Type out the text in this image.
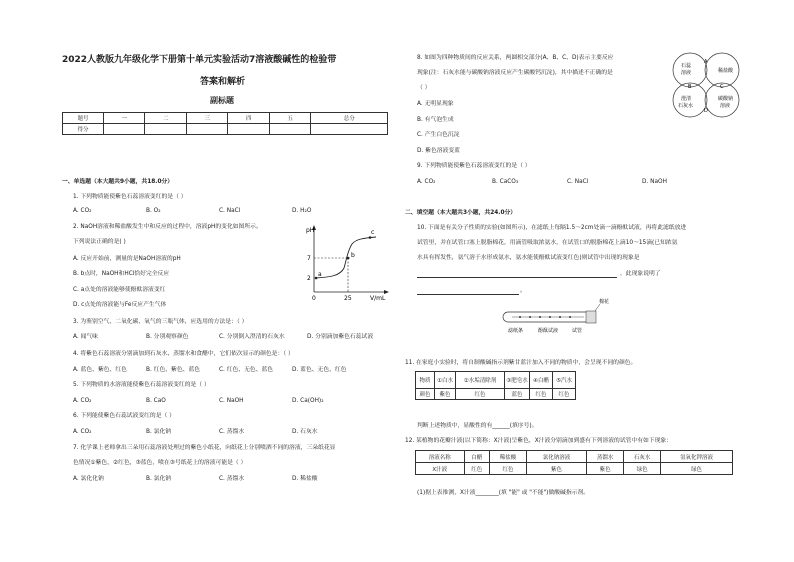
2022人教版九年级化学下册第十单元实验活动7溶液酸碱性的检验带
答案和解析
副标题
题号	一	二	三	四	五	总分
得分						
一、单选题（本大题共9小题，共18.0分）
1. 下列物质能使紫色石蕊溶液变红的是（ ）
A. CO₂	B. O₂	C. NaCl	D. H₂O
2. NaOH溶液和稀盐酸发生中和反应的过程中，溶液pH的变化如图所示。
下列说法正确的是( )
A. 反应开始前，测量的是NaOH溶液的pH
B. b点时，NaOH和HCl恰好完全反应
C. a点处的溶液能够使酚酞溶液变红
D. c点处的溶液能与Fe反应产生气体
pH
7
2
0	25	V/mL
a
b
c
3. 为鉴别空气、二氧化碳、氧气的三瓶气体，应选用的方法是：（ ）
A. 闻气味	B. 分别观察颜色	C. 分别倒入澄清的石灰水	D. 分别滴加紫色石蕊试液
4. 将紫色石蕊溶液分别滴加到石灰水、蒸馏水和食醋中，它们依次显示的颜色是：（ ）
A. 蓝色、紫色、红色	B. 红色、紫色、蓝色	C. 红色、无色、蓝色	D. 蓝色、无色、红色
5. 下列物质的水溶液能使紫色石蕊溶液变红的是（ ）
A. CO₂	B. CaO	C. NaOH	D. Ca(OH)₂
6. 下列能使紫色石蕊试液变红的是（ ）
A. CO₂	B. 氯化钠	C. 蒸馏水	D. 石灰水
7. 化学课上老师拿出三朵用石蕊溶液处理过的紫色小纸花，向纸花上分别喷洒不同的溶液，三朵纸花显
色情况①紫色，②红色，③蓝色，喷在③号纸花上的溶液可能是（ ）
A. 氯化化钠	B. 氯化钠	C. 蒸馏水	D. 稀盐酸
8. 如图为四种物质间的反应关系，两圆相交部分(A、B、C、D)表示主要反应
现象(注：石灰水能与碳酸钠溶液反应产生碳酸钙沉淀)，其中描述不正确的是
（ ）
A. 无明显现象
B. 有气泡生成
C. 产生白色沉淀
D. 紫色溶液变蓝
石蕊
溶液	稀盐酸
澄清
石灰水
碳酸钠
溶液
A
B	C
D
9. 下列物质能使紫色石蕊溶液变红的是（ ）
A. CO₂	B. CaCO₃	C. NaCl	D. NaOH
二、填空题（本大题共3小题，共24.0分）
10. 下面是有关分子性质的实验(如图所示)，在滤纸上每隔1.5～2cm处滴一滴酚酞试液，再将此滤纸放进
试管里，并在试管口塞上脱脂棉花，用滴管吸取浓氨水，在试管口的脱脂棉花上滴10～15滴(已知浓氨
水具有挥发性，氨气溶于水形成氨水，氨水能使酚酞试液变红色)则试管中出现的现象是
，此现象说明了
。
棉花
滤纸条	酚酞试液	试管
11. 在家庭小实验时，将自制酸碱指示剂紫甘蓝汁加入不同的物质中，会呈现不同的颜色。
物质	①白水	②水垢清除剂	③肥皂水	④白醋	⑤汽水
颜色	紫色	红色	蓝色	红色	红色
判断上述物质中，显酸性的有______(填序号)。
12. 某植物的花瓣汁液(以下简称：X汁液)呈紫色，X汁液分别滴加到盛有下列溶液的试管中有如下现象：
溶液名称	白醋	稀盐酸	氯化钠溶液	蒸馏水	石灰水	氢氧化钾溶液
X汁液	红色	红色	紫色	紫色	绿色	绿色
(1)据上表推测，X汁液________(填 "能" 或 "不能")做酸碱指示剂。
